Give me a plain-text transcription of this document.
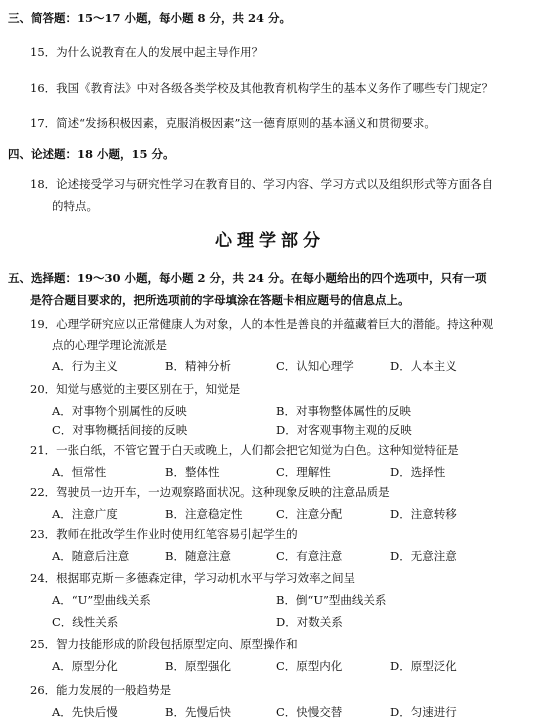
三、简答题：15～17 小题，每小题 8 分，共 24 分。
15．为什么说教育在人的发展中起主导作用？
16．我国《教育法》中对各级各类学校及其他教育机构学生的基本义务作了哪些专门规定？
17．简述“发扬积极因素，克服消极因素”这一德育原则的基本涵义和贯彻要求。
四、论述题：18 小题，15 分。
18．论述接受学习与研究性学习在教育目的、学习内容、学习方式以及组织形式等方面各自
的特点。
心理学部分
五、选择题：19～30 小题，每小题 2 分，共 24 分。在每小题给出的四个选项中，只有一项
是符合题目要求的，把所选项前的字母填涂在答题卡相应题号的信息点上。
19．心理学研究应以正常健康人为对象，人的本性是善良的并蕴藏着巨大的潜能。持这种观
点的心理学理论流派是
A．行为主义	B．精神分析	C．认知心理学	D．人本主义
20．知觉与感觉的主要区别在于，知觉是
A．对事物个别属性的反映	B．对事物整体属性的反映
C．对事物概括间接的反映	D．对客观事物主观的反映
21．一张白纸，不管它置于白天或晚上，人们都会把它知觉为白色。这种知觉特征是
A．恒常性	B．整体性	C．理解性	D．选择性
22．驾驶员一边开车，一边观察路面状况。这种现象反映的注意品质是
A．注意广度	B．注意稳定性	C．注意分配	D．注意转移
23．教师在批改学生作业时使用红笔容易引起学生的
A．随意后注意	B．随意注意	C．有意注意	D．无意注意
24．根据耶克斯－多德森定律，学习动机水平与学习效率之间呈
A．“U”型曲线关系	B．倒“U”型曲线关系
C．线性关系	D．对数关系
25．智力技能形成的阶段包括原型定向、原型操作和
A．原型分化	B．原型强化	C．原型内化	D．原型泛化
26．能力发展的一般趋势是
A．先快后慢	B．先慢后快	C．快慢交替	D．匀速进行
